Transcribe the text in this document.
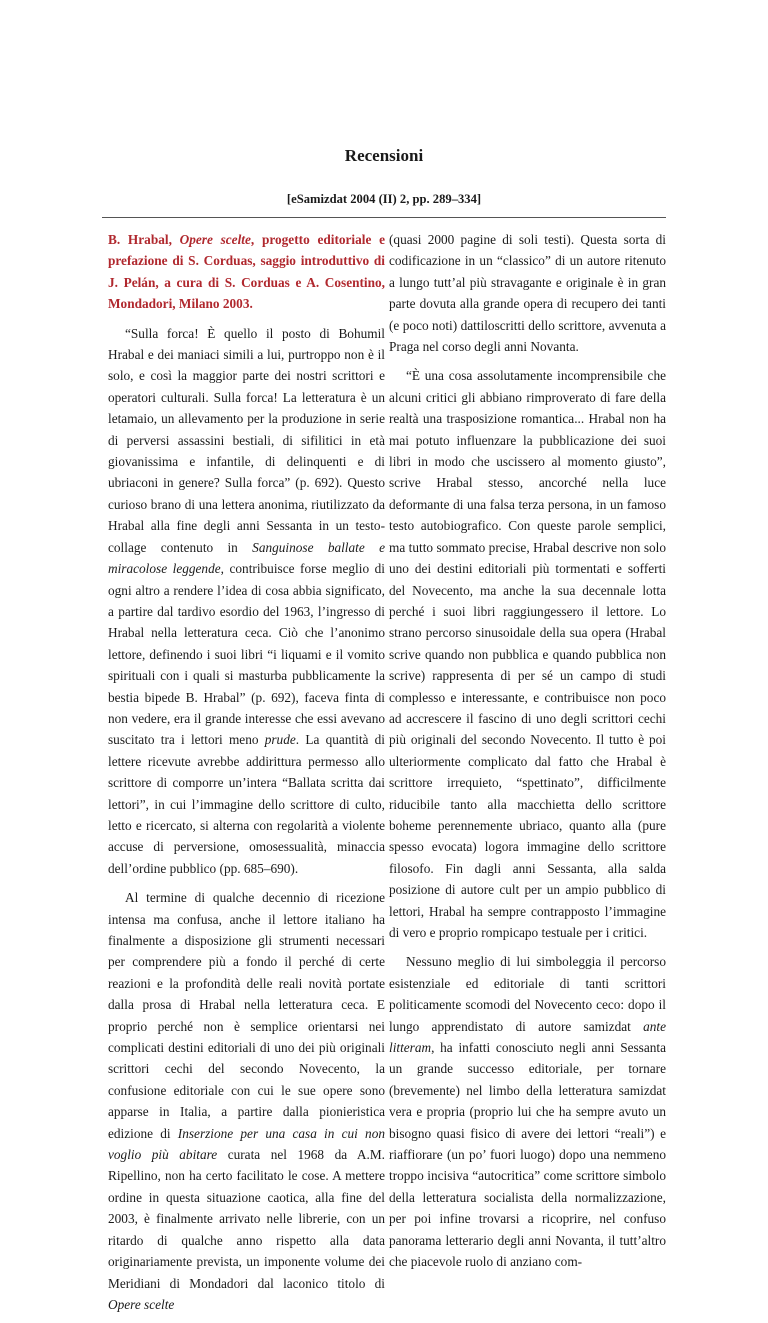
Recensioni
[eSamizdat 2004 (II) 2, pp. 289–334]
B. Hrabal, Opere scelte, progetto editoriale e prefazione di S. Corduas, saggio introduttivo di J. Pelán, a cura di S. Corduas e A. Cosentino, Mondadori, Milano 2003.

“Sulla forca! È quello il posto di Bohumil Hrabal e dei maniaci simili a lui, purtroppo non è il solo, e così la maggior parte dei nostri scrittori e operatori culturali. Sulla forca! La letteratura è un letamaio, un allevamento per la produzione in serie di perversi assassini bestiali, di sifilitici in età giovanissima e infantile, di delinquenti e di ubriaconi in genere? Sulla forca” (p. 692). Questo curioso brano di una lettera anonima, riutilizzato da Hrabal alla fine degli anni Sessanta in un testo-collage contenuto in Sanguinose ballate e miracolose leggende, contribuisce forse meglio di ogni altro a rendere l’idea di cosa abbia significato, a partire dal tardivo esordio del 1963, l’ingresso di Hrabal nella letteratura ceca. Ciò che l’anonimo lettore, definendo i suoi libri “i liquami e il vomito spirituali con i quali si masturba pubblicamente la bestia bipede B. Hrabal” (p. 692), faceva finta di non vedere, era il grande interesse che essi avevano suscitato tra i lettori meno prude. La quantità di lettere ricevute avrebbe addirittura permesso allo scrittore di comporre un’intera “Ballata scritta dai lettori”, in cui l’immagine dello scrittore di culto, letto e ricercato, si alterna con regolarità a violente accuse di perversione, omosessualità, minaccia dell’ordine pubblico (pp. 685–690).

Al termine di qualche decennio di ricezione intensa ma confusa, anche il lettore italiano ha finalmente a disposizione gli strumenti necessari per comprendere più a fondo il perché di certe reazioni e la profondità delle reali novità portate dalla prosa di Hrabal nella letteratura ceca. E proprio perché non è semplice orientarsi nei complicati destini editoriali di uno dei più originali scrittori cechi del secondo Novecento, la confusione editoriale con cui le sue opere sono apparse in Italia, a partire dalla pionieristica edizione di Inserzione per una casa in cui non voglio più abitare curata nel 1968 da A.M. Ripellino, non ha certo facilitato le cose. A mettere ordine in questa situazione caotica, alla fine del 2003, è finalmente arrivato nelle librerie, con un ritardo di qualche anno rispetto alla data originariamente prevista, un imponente volume dei Meridiani di Mondadori dal laconico titolo di Opere scelte

(quasi 2000 pagine di soli testi). Questa sorta di codificazione in un “classico” di un autore ritenuto a lungo tutt’al più stravagante e originale è in gran parte dovuta alla grande opera di recupero dei tanti (e poco noti) dattiloscritti dello scrittore, avvenuta a Praga nel corso degli anni Novanta.

“È una cosa assolutamente incomprensibile che alcuni critici gli abbiano rimproverato di fare della realtà una trasposizione romantica... Hrabal non ha mai potuto influenzare la pubblicazione dei suoi libri in modo che uscissero al momento giusto”, scrive Hrabal stesso, ancorché nella luce deformante di una falsa terza persona, in un famoso testo autobiografico. Con queste parole semplici, ma tutto sommato precise, Hrabal descrive non solo uno dei destini editoriali più tormentati e sofferti del Novecento, ma anche la sua decennale lotta perché i suoi libri raggiungessero il lettore. Lo strano percorso sinusoidale della sua opera (Hrabal scrive quando non pubblica e quando pubblica non scrive) rappresenta di per sé un campo di studi complesso e interessante, e contribuisce non poco ad accrescere il fascino di uno degli scrittori cechi più originali del secondo Novecento. Il tutto è poi ulteriormente complicato dal fatto che Hrabal è scrittore irrequieto, “spettinato”, difficilmente riducibile tanto alla macchietta dello scrittore boheme perennemente ubriaco, quanto alla (pure spesso evocata) logora immagine dello scrittore filosofo. Fin dagli anni Sessanta, alla salda posizione di autore cult per un ampio pubblico di lettori, Hrabal ha sempre contrapposto l’immagine di vero e proprio rompicapo testuale per i critici.

Nessuno meglio di lui simboleggia il percorso esistenziale ed editoriale di tanti scrittori politicamente scomodi del Novecento ceco: dopo il lungo apprendistato di autore samizdat ante litteram, ha infatti conosciuto negli anni Sessanta un grande successo editoriale, per tornare (brevemente) nel limbo della letteratura samizdat vera e propria (proprio lui che ha sempre avuto un bisogno quasi fisico di avere dei lettori “reali”) e riaffiorare (un po’ fuori luogo) dopo una nemmeno troppo incisiva “autocritica” come scrittore simbolo della letteratura socialista della normalizzazione, per poi infine trovarsi a ricoprire, nel confuso panorama letterario degli anni Novanta, il tutt’altro che piacevole ruolo di anziano com-
